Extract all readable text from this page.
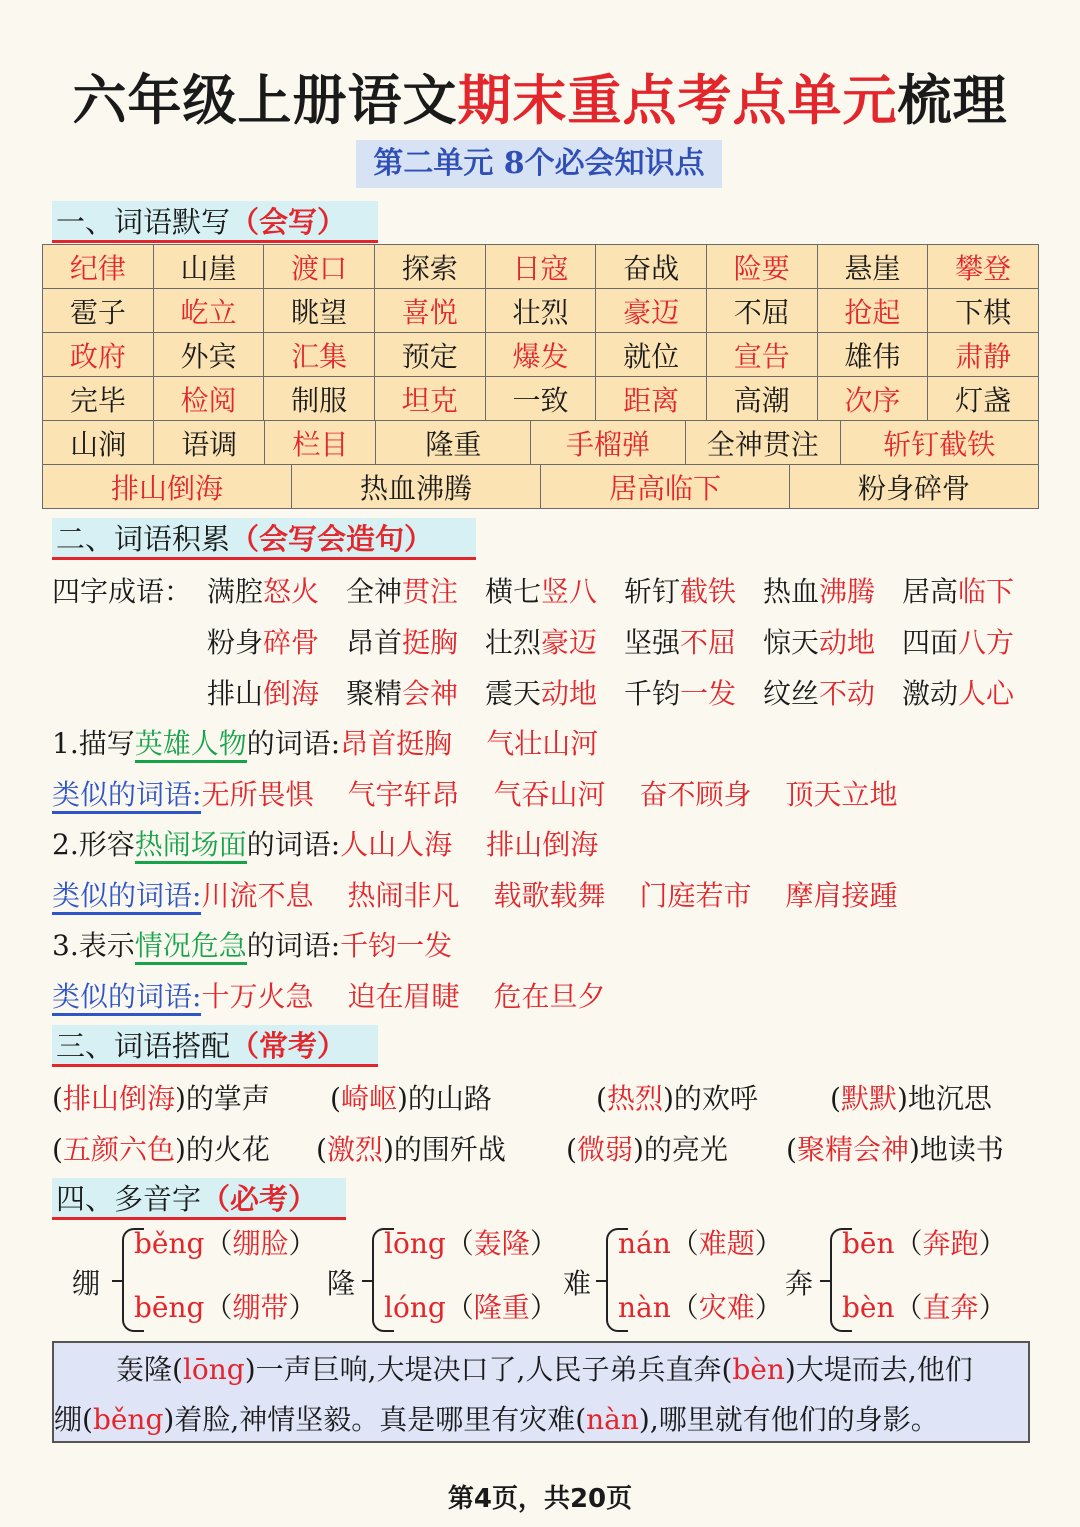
六年级上册语文期末重点考点单元梳理
第二单元 8个必会知识点
一、词语默写（会写）
纪律	山崖	渡口	探索	日寇	奋战	险要	悬崖	攀登
雹子	屹立	眺望	喜悦	壮烈	豪迈	不屈	抢起	下棋
政府	外宾	汇集	预定	爆发	就位	宣告	雄伟	肃静
完毕	检阅	制服	坦克	一致	距离	高潮	次序	灯盏
山涧	语调	栏目	隆重	手榴弹	全神贯注	斩钉截铁
排山倒海	热血沸腾	居高临下	粉身碎骨
二、词语积累（会写会造句）
四字成语： 满腔怒火 全神贯注 横七竖八 斩钉截铁 热血沸腾 居高临下
粉身碎骨 昂首挺胸 壮烈豪迈 坚强不屈 惊天动地 四面八方
排山倒海 聚精会神 震天动地 千钧一发 纹丝不动 激动人心
1.描写英雄人物的词语:昂首挺胸 气壮山河
类似的词语:无所畏惧 气宇轩昂 气吞山河 奋不顾身 顶天立地
2.形容热闹场面的词语:人山人海 排山倒海
类似的词语:川流不息 热闹非凡 载歌载舞 门庭若市 摩肩接踵
3.表示情况危急的词语:千钧一发
类似的词语:十万火急 迫在眉睫 危在旦夕
三、词语搭配（常考）
(排山倒海)的掌声 (崎岖)的山路	(热烈)的欢呼	(默默)地沉思
(五颜六色)的火花 (激烈)的围歼战 (微弱)的亮光 (聚精会神)地读书
四、多音字（必考）
绷
běng（绷脸）
bēng（绷带）
隆
lōng（轰隆）
lóng（隆重）
难
nán（难题）
nàn（灾难）
奔
bēn（奔跑）
bèn（直奔）
轰隆(lōng)一声巨响,大堤决口了,人民子弟兵直奔(bèn)大堤而去,他们
绷(běng)着脸,神情坚毅。真是哪里有灾难(nàn),哪里就有他们的身影。
第4页，共20页
